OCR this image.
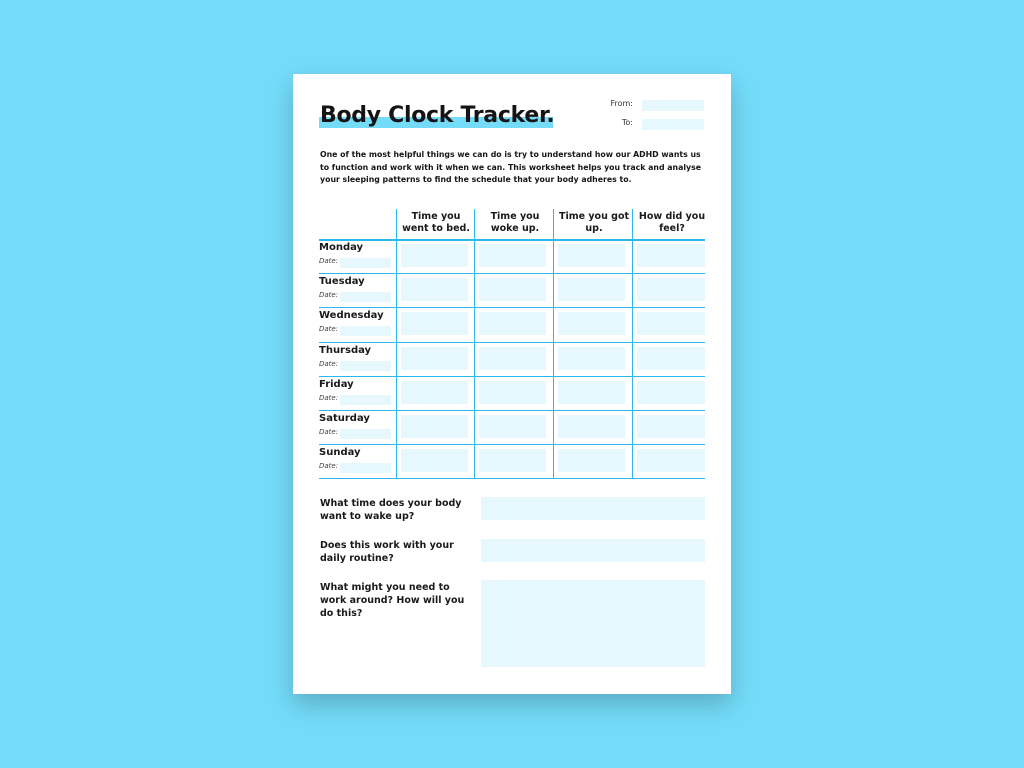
Body Clock Tracker.	From:
To:

One of the most helpful things we can do is try to understand how our ADHD wants us to function and work with it when we can. This worksheet helps you track and analyse your sleeping patterns to find the schedule that your body adheres to.

Time you went to bed.
Time you woke up.
Time you got up.
How did you feel?
Monday
Date:
Tuesday
Date:
Wednesday
Date:
Thursday
Date:
Friday
Date:
Saturday
Date:
Sunday
Date:

What time does your body want to wake up?

Does this work with your daily routine?

What might you need to work around? How will you do this?
